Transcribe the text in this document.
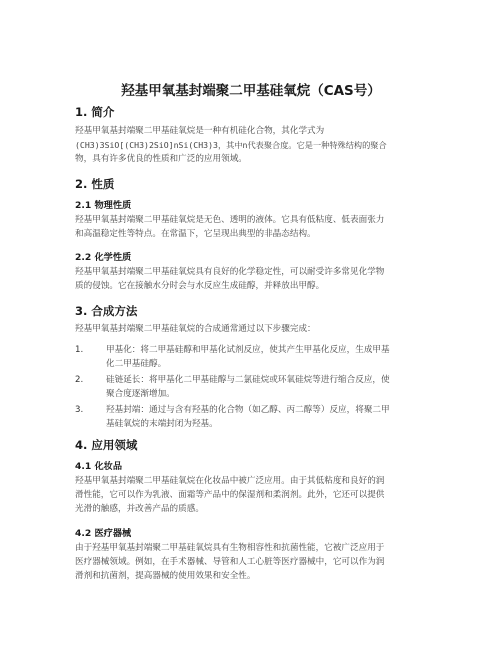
羟基甲氧基封端聚二甲基硅氧烷（CAS号）
1. 简介
羟基甲氧基封端聚二甲基硅氧烷是一种有机硅化合物，其化学式为
(CH3)3SiO[(CH3)2SiO]nSi(CH3)3，其中n代表聚合度。它是一种特殊结构的聚合
物，具有许多优良的性质和广泛的应用领域。
2. 性质
2.1 物理性质
羟基甲氧基封端聚二甲基硅氧烷是无色、透明的液体。它具有低粘度、低表面张力
和高温稳定性等特点。在常温下，它呈现出典型的非晶态结构。
2.2 化学性质
羟基甲氧基封端聚二甲基硅氧烷具有良好的化学稳定性，可以耐受许多常见化学物
质的侵蚀。它在接触水分时会与水反应生成硅醇，并释放出甲醇。
3. 合成方法
羟基甲氧基封端聚二甲基硅氧烷的合成通常通过以下步骤完成：
1.	甲基化：将二甲基硅醇和甲基化试剂反应，使其产生甲基化反应，生成甲基
化二甲基硅醇。
2.	硅链延长：将甲基化二甲基硅醇与二氯硅烷或环氧硅烷等进行缩合反应，使
聚合度逐渐增加。
3.	羟基封端：通过与含有羟基的化合物（如乙醇、丙二醇等）反应，将聚二甲
基硅氧烷的末端封闭为羟基。
4. 应用领域
4.1 化妆品
羟基甲氧基封端聚二甲基硅氧烷在化妆品中被广泛应用。由于其低粘度和良好的润
滑性能，它可以作为乳液、面霜等产品中的保湿剂和柔润剂。此外，它还可以提供
光滑的触感，并改善产品的质感。
4.2 医疗器械
由于羟基甲氧基封端聚二甲基硅氧烷具有生物相容性和抗菌性能，它被广泛应用于
医疗器械领域。例如，在手术器械、导管和人工心脏等医疗器械中，它可以作为润
滑剂和抗菌剂，提高器械的使用效果和安全性。
